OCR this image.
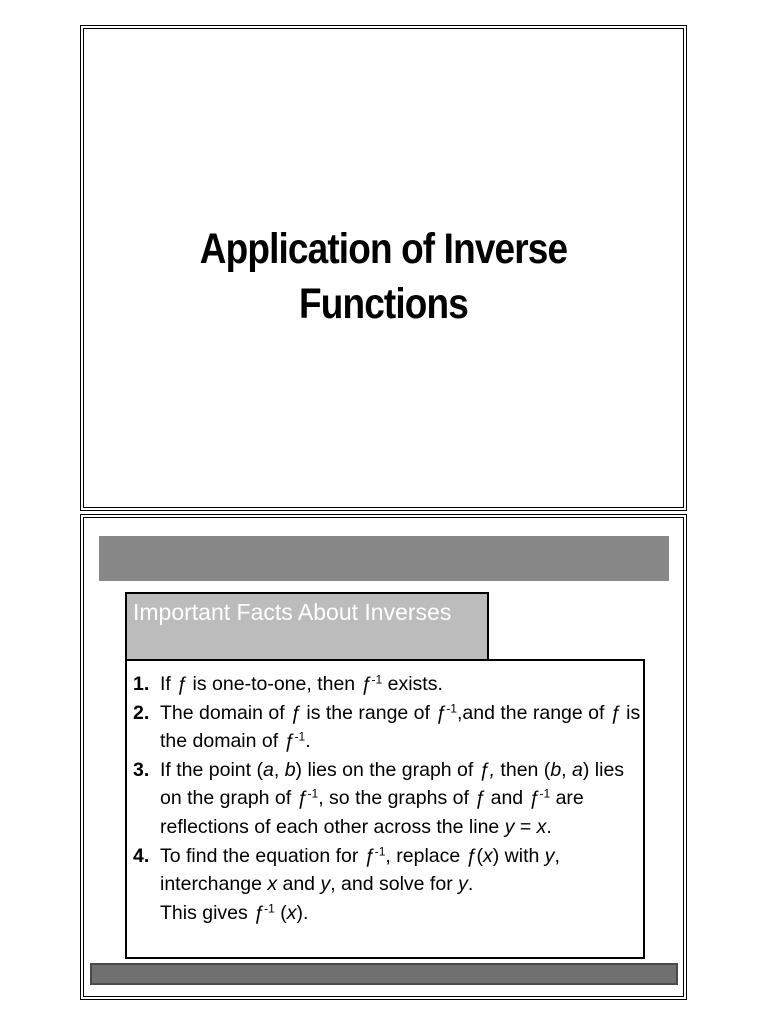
Application of Inverse
Functions
Important Facts About Inverses
1. If ƒ is one-to-one, then $ƒ^{-1}$ exists.
2. The domain of ƒ is the range of $ƒ^{-1},and$ the range of ƒ is the domain of $ƒ^{-1}$.
3. If the point (a, b) lies on the graph of ƒ, then (b, a) lies on the graph of $ƒ^{-1}$, so the graphs of ƒ and $ƒ^{-1}$ are reflections of each other across the line y = x.
4. To find the equation for $ƒ^{-1}$, replace ƒ(x) with y, interchange x and y, and solve for y.
This gives $ƒ^{-1}$ (x).
